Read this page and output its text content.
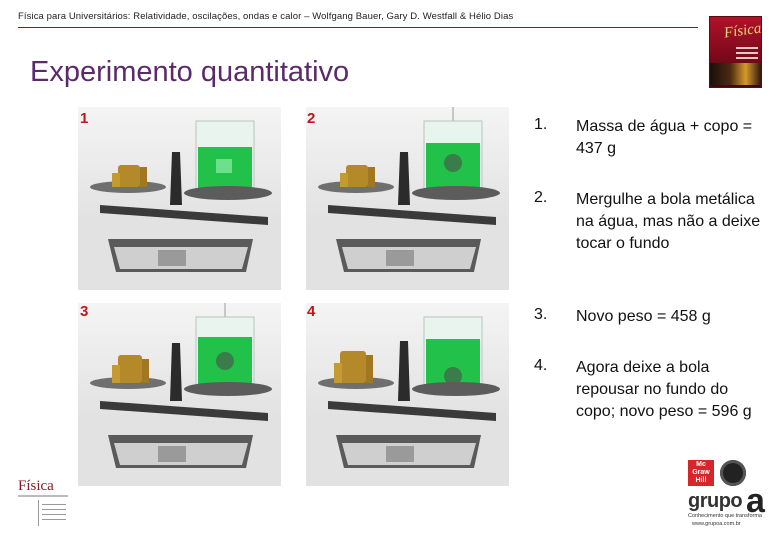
Física para Universitários: Relatividade, oscilações, ondas e calor – Wolfgang Bauer, Gary D. Westfall & Hélio Dias
Física
Experimento quantitativo
1	2
3	4
1. Massa de água + copo = 437 g
2. Mergulhe a bola metálica na água, mas não a deixe tocar o fundo
3. Novo peso = 458 g
4. Agora deixe a bola repousar no fundo do copo; novo peso = 596 g
Física
Mc Graw Hill
grupo a
Conhecimento que transforma
www.grupoa.com.br
